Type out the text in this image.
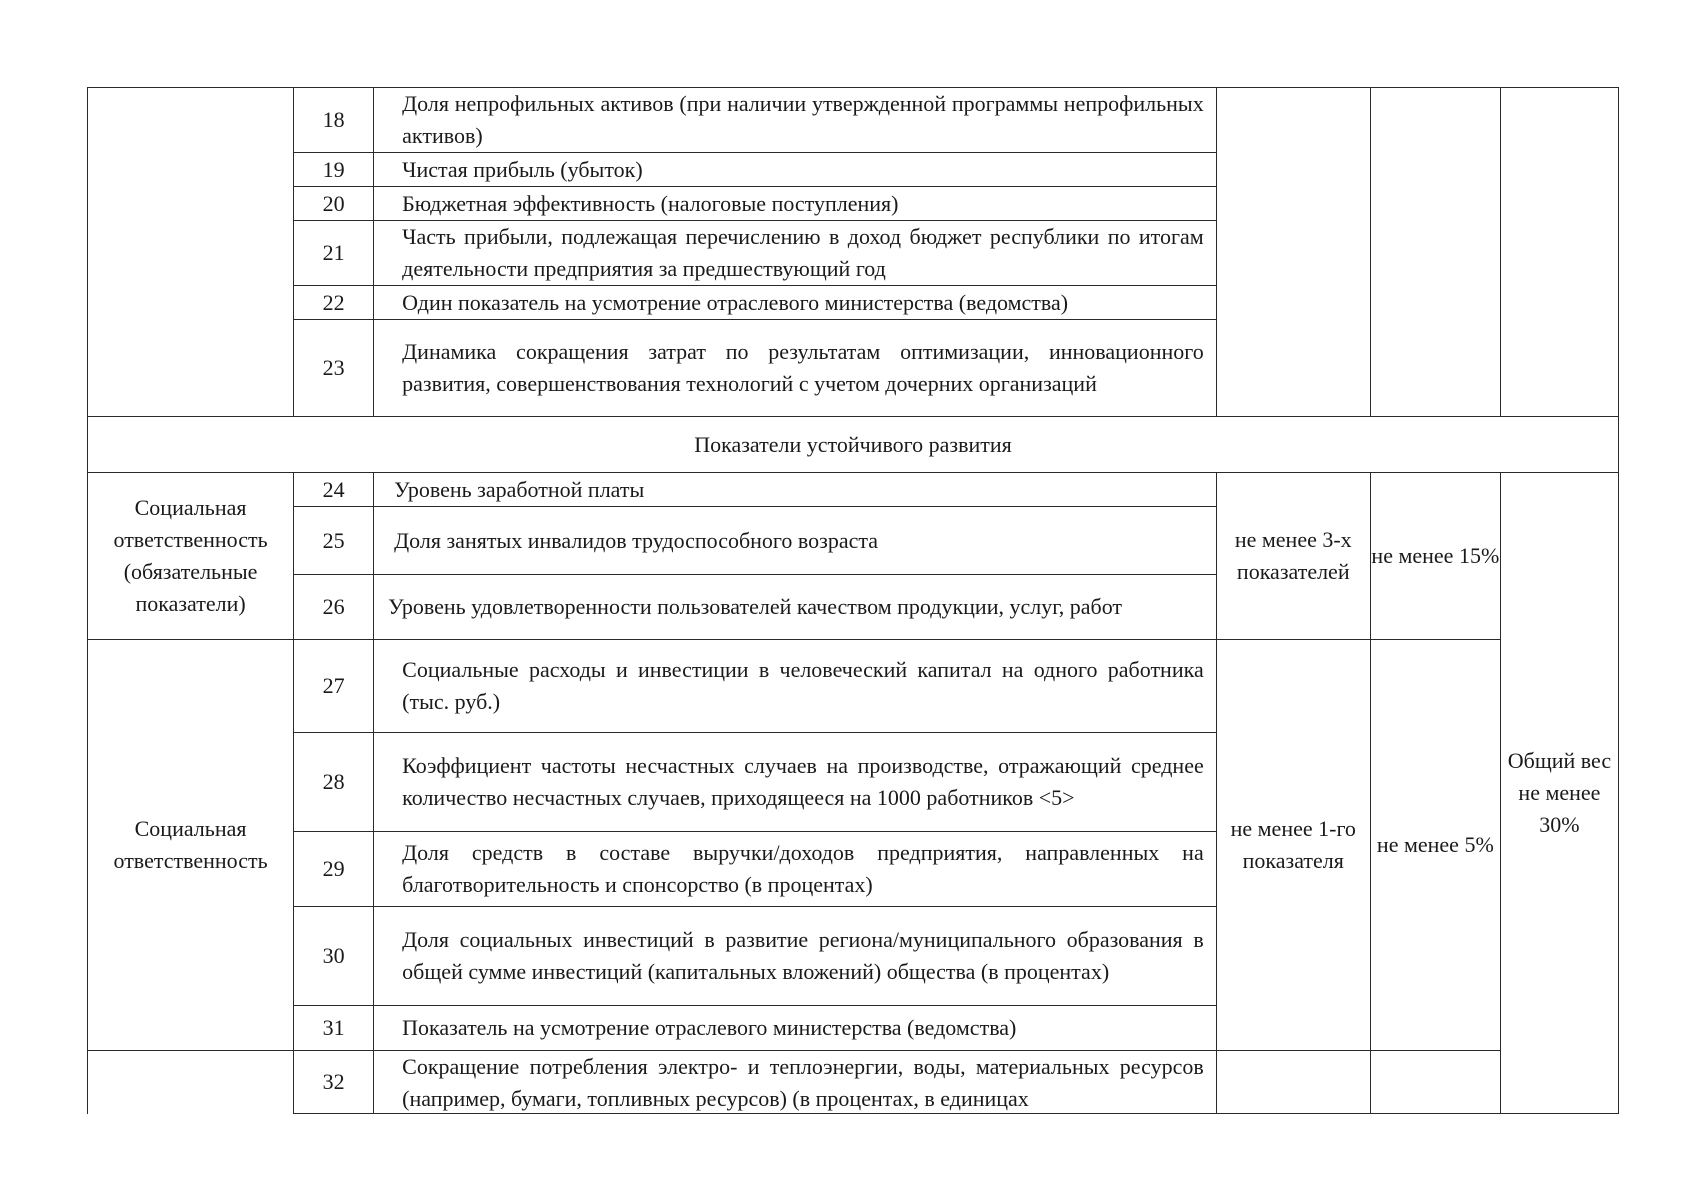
	18	Доля непрофильных активов (при наличии утвержденной программы непрофильных активов)			

	19	Чистая прибыль (убыток)			

	20	Бюджетная эффективность (налоговые поступления)			

	21	Часть прибыли, подлежащая перечислению в доход бюджет республики по итогам деятельности предприятия за предшествующий год			

	22	Один показатель на усмотрение отраслевого министерства (ведомства)			

	23	Динамика сокращения затрат по результатам оптимизации, инновационного развития, совершенствования технологий с учетом дочерних организаций			

Показатели устойчивого развития					
Социальная ответственность (обязательные показатели)	24	Уровень заработной платы	не менее 3-х показателей	не менее 15%	Общий вес не менее 30%
	25	Доля занятых инвалидов трудоспособного возраста			

	26	Уровень удовлетворенности пользователей качеством продукции, услуг, работ			

Социальная ответственность	27	Социальные расходы и инвестиции в человеческий капитал на одного работника (тыс. руб.)	не менее 1-го показателя	не менее 5%	
	28	Коэффициент частоты несчастных случаев на производстве, отражающий среднее количество несчастных случаев, приходящееся на 1000 работников <5>			

	29	Доля средств в составе выручки/доходов предприятия, направленных на благотворительность и спонсорство (в процентах)			

	30	Доля социальных инвестиций в развитие региона/муниципального образования в общей сумме инвестиций (капитальных вложений) общества (в процентах)			

	31	Показатель на усмотрение отраслевого министерства (ведомства)			

	32	Сокращение потребления электро- и теплоэнергии, воды, материальных ресурсов (например, бумаги, топливных ресурсов) (в процентах, в единицах			
